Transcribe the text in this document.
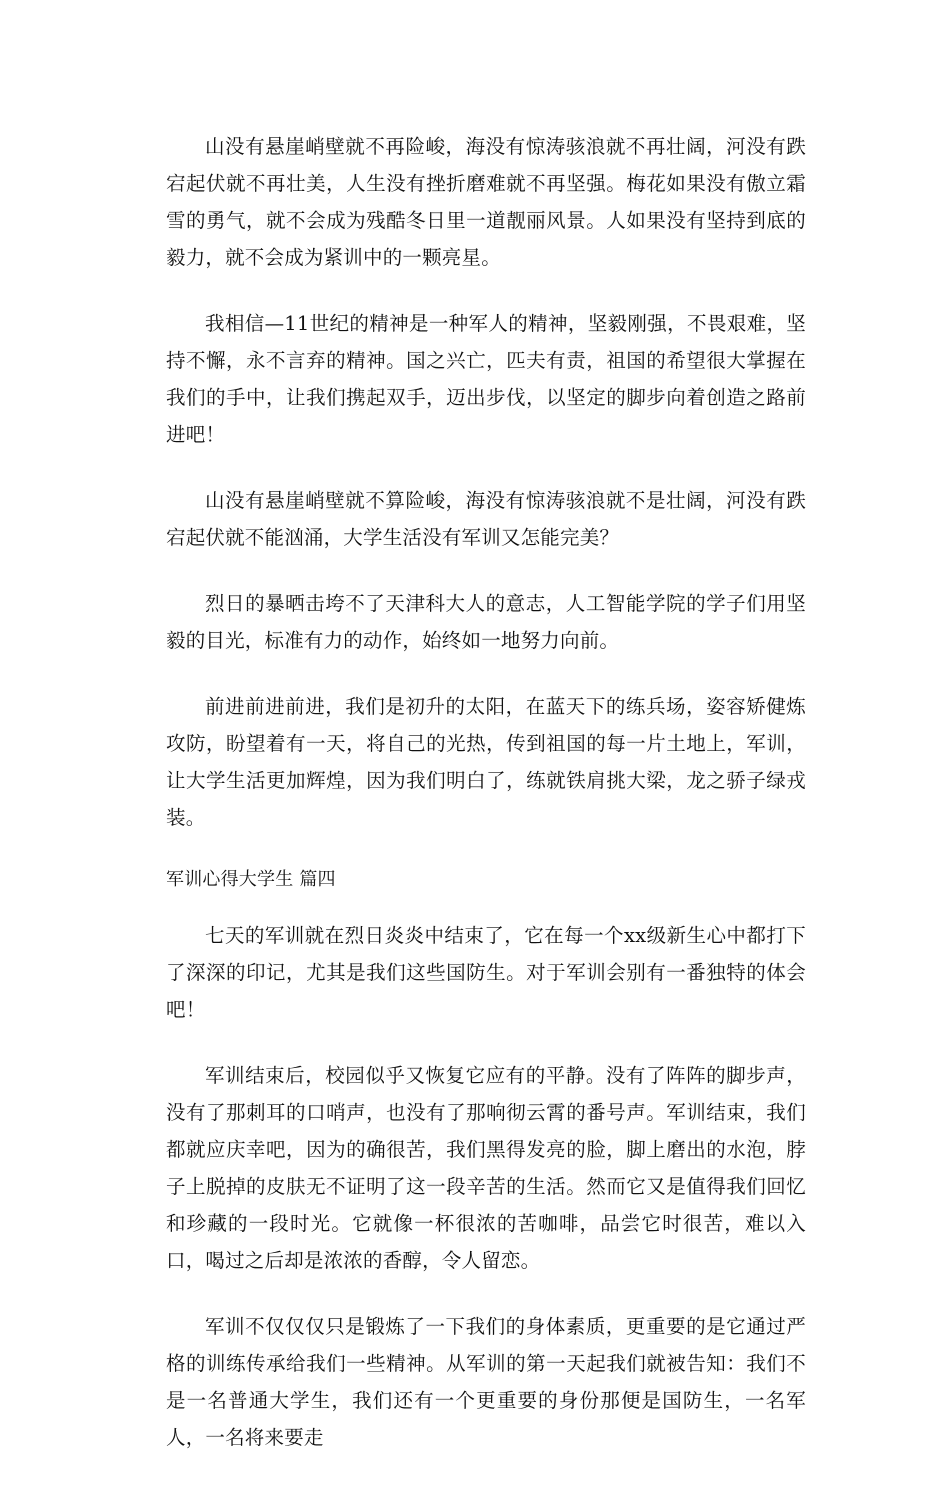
山没有悬崖峭壁就不再险峻，海没有惊涛骇浪就不再壮阔，河没有跌宕起伏就不再壮美，人生没有挫折磨难就不再坚强。梅花如果没有傲立霜雪的勇气，就不会成为残酷冬日里一道靓丽风景。人如果没有坚持到底的毅力，就不会成为紧训中的一颗亮星。

我相信—11世纪的精神是一种军人的精神，坚毅刚强，不畏艰难，坚持不懈，永不言弃的精神。国之兴亡，匹夫有责，祖国的希望很大掌握在我们的手中，让我们携起双手，迈出步伐，以坚定的脚步向着创造之路前进吧！

山没有悬崖峭壁就不算险峻，海没有惊涛骇浪就不是壮阔，河没有跌宕起伏就不能汹涌，大学生活没有军训又怎能完美？

烈日的暴晒击垮不了天津科大人的意志，人工智能学院的学子们用坚毅的目光，标准有力的动作，始终如一地努力向前。

前进前进前进，我们是初升的太阳，在蓝天下的练兵场，姿容矫健炼攻防，盼望着有一天，将自己的光热，传到祖国的每一片土地上，军训，让大学生活更加辉煌，因为我们明白了，练就铁肩挑大梁，龙之骄子绿戎装。

军训心得大学生 篇四

七天的军训就在烈日炎炎中结束了，它在每一个xx级新生心中都打下了深深的印记，尤其是我们这些国防生。对于军训会别有一番独特的体会吧！

军训结束后，校园似乎又恢复它应有的平静。没有了阵阵的脚步声，没有了那刺耳的口哨声，也没有了那响彻云霄的番号声。军训结束，我们都就应庆幸吧，因为的确很苦，我们黑得发亮的脸，脚上磨出的水泡，脖子上脱掉的皮肤无不证明了这一段辛苦的生活。然而它又是值得我们回忆和珍藏的一段时光。它就像一杯很浓的苦咖啡，品尝它时很苦，难以入口，喝过之后却是浓浓的香醇，令人留恋。

军训不仅仅仅只是锻炼了一下我们的身体素质，更重要的是它通过严格的训练传承给我们一些精神。从军训的第一天起我们就被告知：我们不是一名普通大学生，我们还有一个更重要的身份那便是国防生，一名军人，一名将来要走
